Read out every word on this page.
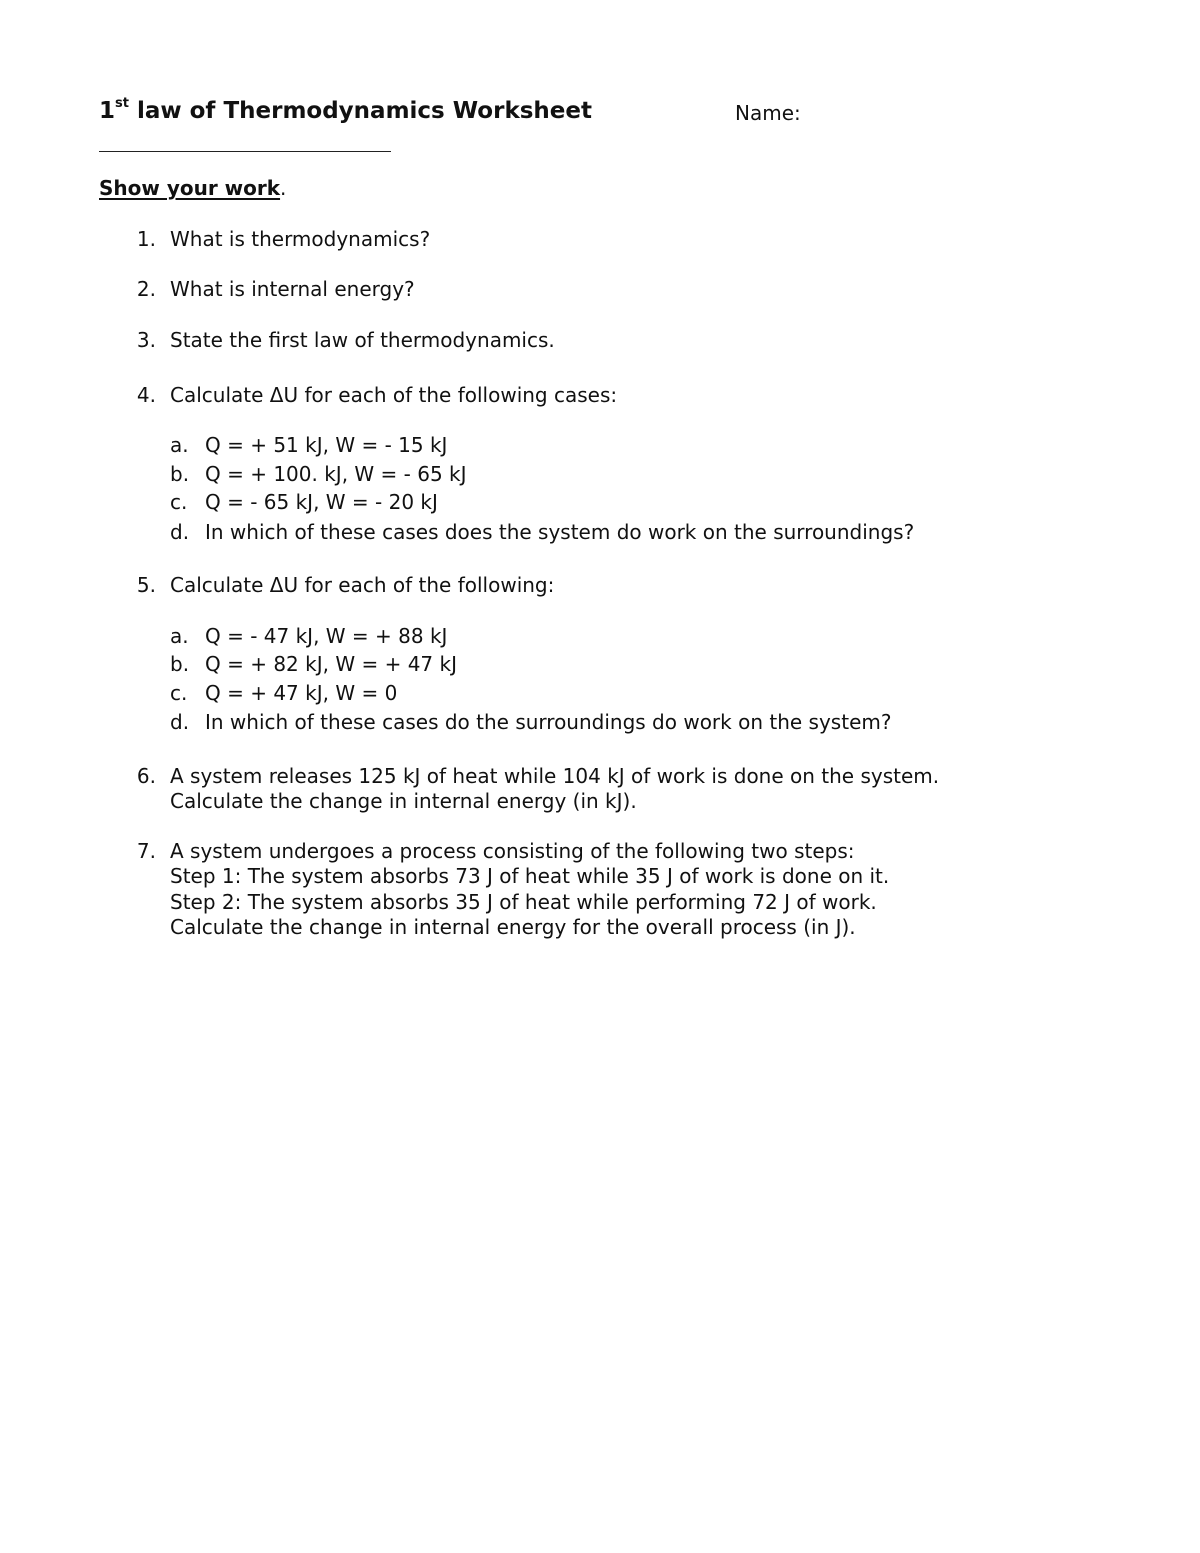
1st law of Thermodynamics Worksheet	Name:
Show your work.
1. What is thermodynamics?
2. What is internal energy?
3. State the first law of thermodynamics.
4. Calculate ΔU for each of the following cases:
a. Q = + 51 kJ, W = - 15 kJ
b. Q = + 100. kJ, W = - 65 kJ
c. Q = - 65 kJ, W = - 20 kJ
d. In which of these cases does the system do work on the surroundings?
5. Calculate ΔU for each of the following:
a. Q = - 47 kJ, W = + 88 kJ
b. Q = + 82 kJ, W = + 47 kJ
c. Q = + 47 kJ, W = 0
d. In which of these cases do the surroundings do work on the system?
6. A system releases 125 kJ of heat while 104 kJ of work is done on the system.
Calculate the change in internal energy (in kJ).
7. A system undergoes a process consisting of the following two steps:
Step 1: The system absorbs 73 J of heat while 35 J of work is done on it.
Step 2: The system absorbs 35 J of heat while performing 72 J of work.
Calculate the change in internal energy for the overall process (in J).
